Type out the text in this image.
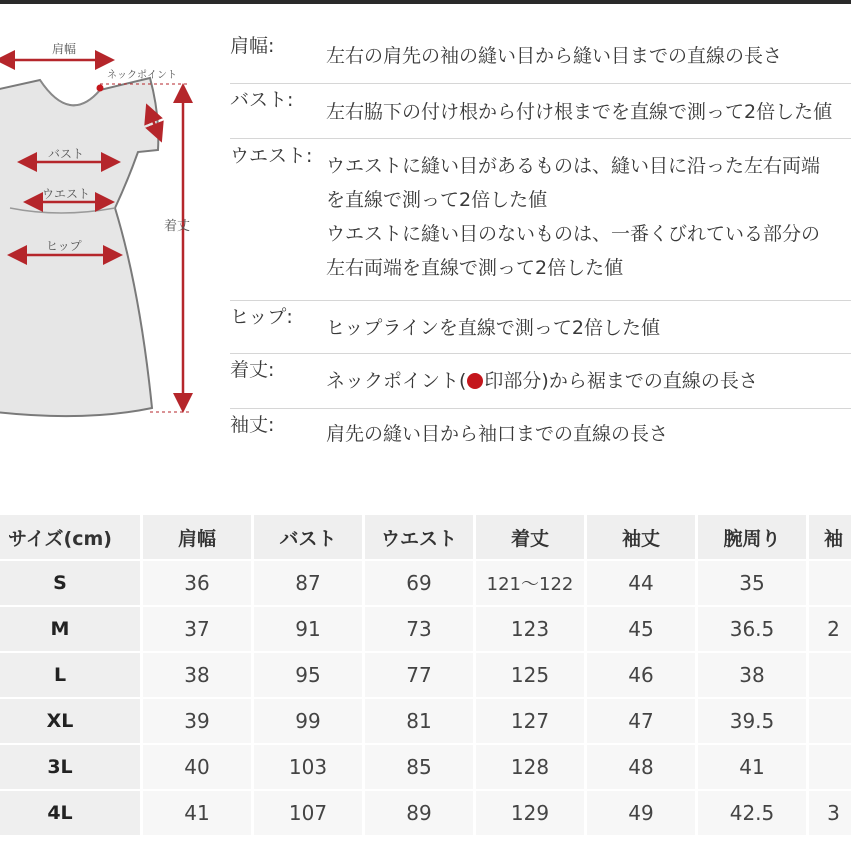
肩幅
ネックポイント
バスト
ウエスト
ヒップ
着丈
肩幅:	左右の肩先の袖の縫い目から縫い目までの直線の長さ
バスト:
左右脇下の付け根から付け根までを直線で測って2倍した値
ウエスト: ウエストに縫い目があるものは、縫い目に沿った左右両端
を直線で測って2倍した値
ウエストに縫い目のないものは、一番くびれている部分の
左右両端を直線で測って2倍した値
ヒップ: ヒップラインを直線で測って2倍した値
着丈:	ネックポイント( 印部分)から裾までの直線の長さ
袖丈:	肩先の縫い目から袖口までの直線の長さ
サイズ(cm)	肩幅	バスト	ウエスト	着丈	袖丈	腕周り	袖
S	36	87	69	121～122	44	35	
M	37	91	73	123	45	36.5	2
L	38	95	77	125	46	38	
XL	39	99	81	127	47	39.5	
3L	40	103	85	128	48	41	
4L	41	107	89	129	49	42.5	3
